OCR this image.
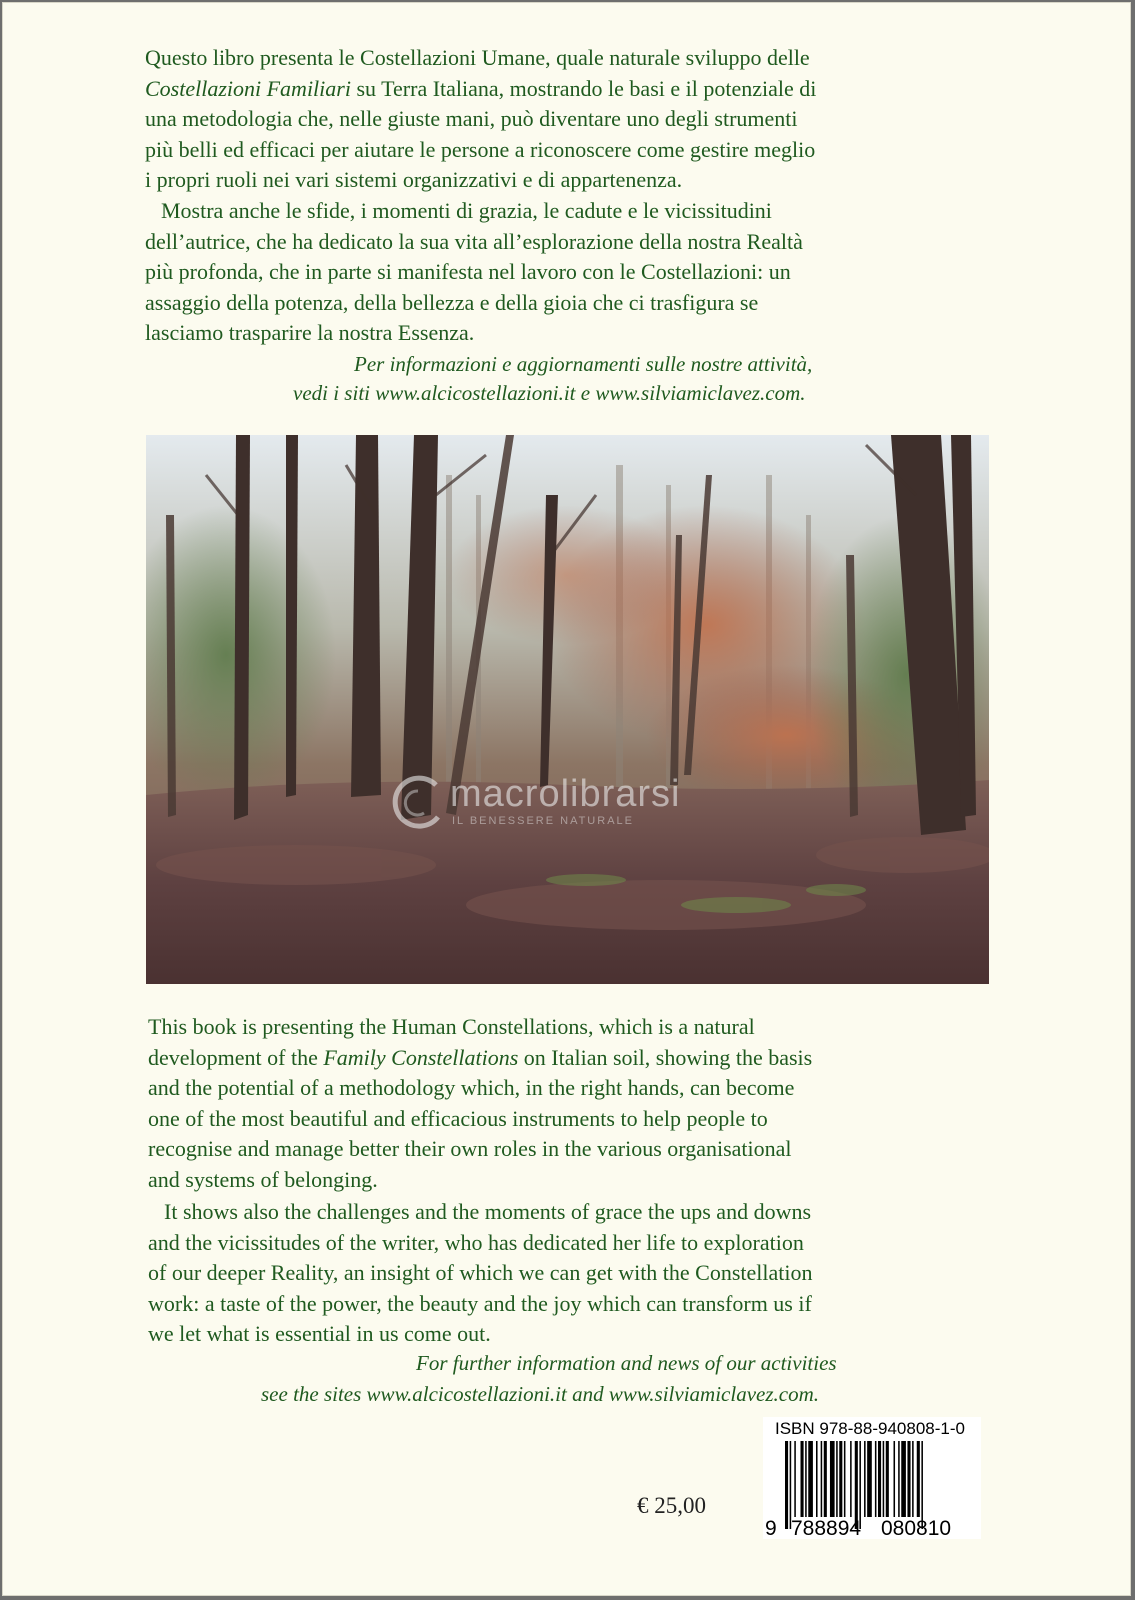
Questo libro presenta le Costellazioni Umane, quale naturale sviluppo delle
Costellazioni Familiari su Terra Italiana, mostrando le basi e il potenziale di
una metodologia che, nelle giuste mani, può diventare uno degli strumenti
più belli ed efficaci per aiutare le persone a riconoscere come gestire meglio
i propri ruoli nei vari sistemi organizzativi e di appartenenza.

Mostra anche le sfide, i momenti di grazia, le cadute e le vicissitudini
dell’autrice, che ha dedicato la sua vita all’esplorazione della nostra Realtà
più profonda, che in parte si manifesta nel lavoro con le Costellazioni: un
assaggio della potenza, della bellezza e della gioia che ci trasfigura se
lasciamo trasparire la nostra Essenza.

Per informazioni e aggiornamenti sulle nostre attività,

vedi i siti www.alcicostellazioni.it e www.silviamiclavez.com.

macrolibrarsi
IL BENESSERE NATURALE

This book is presenting the Human Constellations, which is a natural
development of the Family Constellations on Italian soil, showing the basis
and the potential of a methodology which, in the right hands, can become
one of the most beautiful and efficacious instruments to help people to
recognise and manage better their own roles in the various organisational
and systems of belonging.

It shows also the challenges and the moments of grace the ups and downs
and the vicissitudes of the writer, who has dedicated her life to exploration
of our deeper Reality, an insight of which we can get with the Constellation
work: a taste of the power, the beauty and the joy which can transform us if
we let what is essential in us come out.

For further information and news of our activities

see the sites www.alcicostellazioni.it and www.silviamiclavez.com.

€ 25,00
ISBN 978-88-940808-1-0
9 788894 080810
